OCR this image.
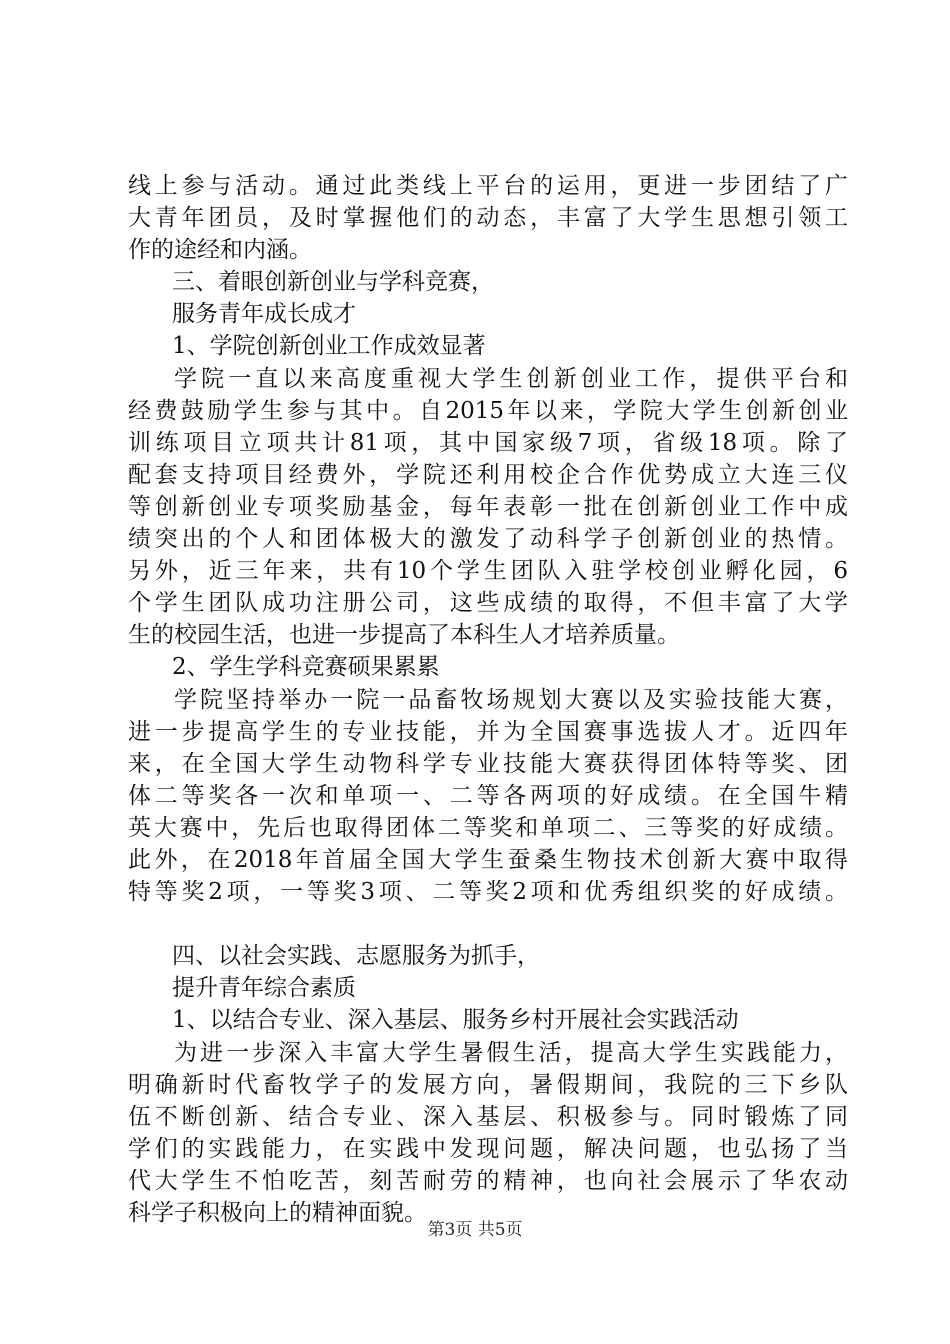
线上参与活动。通过此类线上平台的运用，更进一步团结了广
大青年团员，及时掌握他们的动态，丰富了大学生思想引领工
作的途经和内涵。
三、着眼创新创业与学科竞赛，
服务青年成长成才
1、学院创新创业工作成效显著
学院一直以来高度重视大学生创新创业工作，提供平台和
经费鼓励学生参与其中。自2015年以来，学院大学生创新创业
训练项目立项共计81项，其中国家级7项，省级18项。除了
配套支持项目经费外，学院还利用校企合作优势成立大连三仪
等创新创业专项奖励基金，每年表彰一批在创新创业工作中成
绩突出的个人和团体极大的激发了动科学子创新创业的热情。
另外，近三年来，共有10个学生团队入驻学校创业孵化园，6
个学生团队成功注册公司，这些成绩的取得，不但丰富了大学
生的校园生活，也进一步提高了本科生人才培养质量。
2、学生学科竞赛硕果累累
学院坚持举办一院一品畜牧场规划大赛以及实验技能大赛，
进一步提高学生的专业技能，并为全国赛事选拔人才。近四年
来，在全国大学生动物科学专业技能大赛获得团体特等奖、团
体二等奖各一次和单项一、二等各两项的好成绩。在全国牛精
英大赛中，先后也取得团体二等奖和单项二、三等奖的好成绩。
此外，在2018年首届全国大学生蚕桑生物技术创新大赛中取得
特等奖2项，一等奖3项、二等奖2项和优秀组织奖的好成绩。
四、以社会实践、志愿服务为抓手，
提升青年综合素质
1、以结合专业、深入基层、服务乡村开展社会实践活动
为进一步深入丰富大学生暑假生活，提高大学生实践能力，
明确新时代畜牧学子的发展方向，暑假期间，我院的三下乡队
伍不断创新、结合专业、深入基层、积极参与。同时锻炼了同
学们的实践能力，在实践中发现问题，解决问题，也弘扬了当
代大学生不怕吃苦，刻苦耐劳的精神，也向社会展示了华农动
科学子积极向上的精神面貌。
第3页 共5页
